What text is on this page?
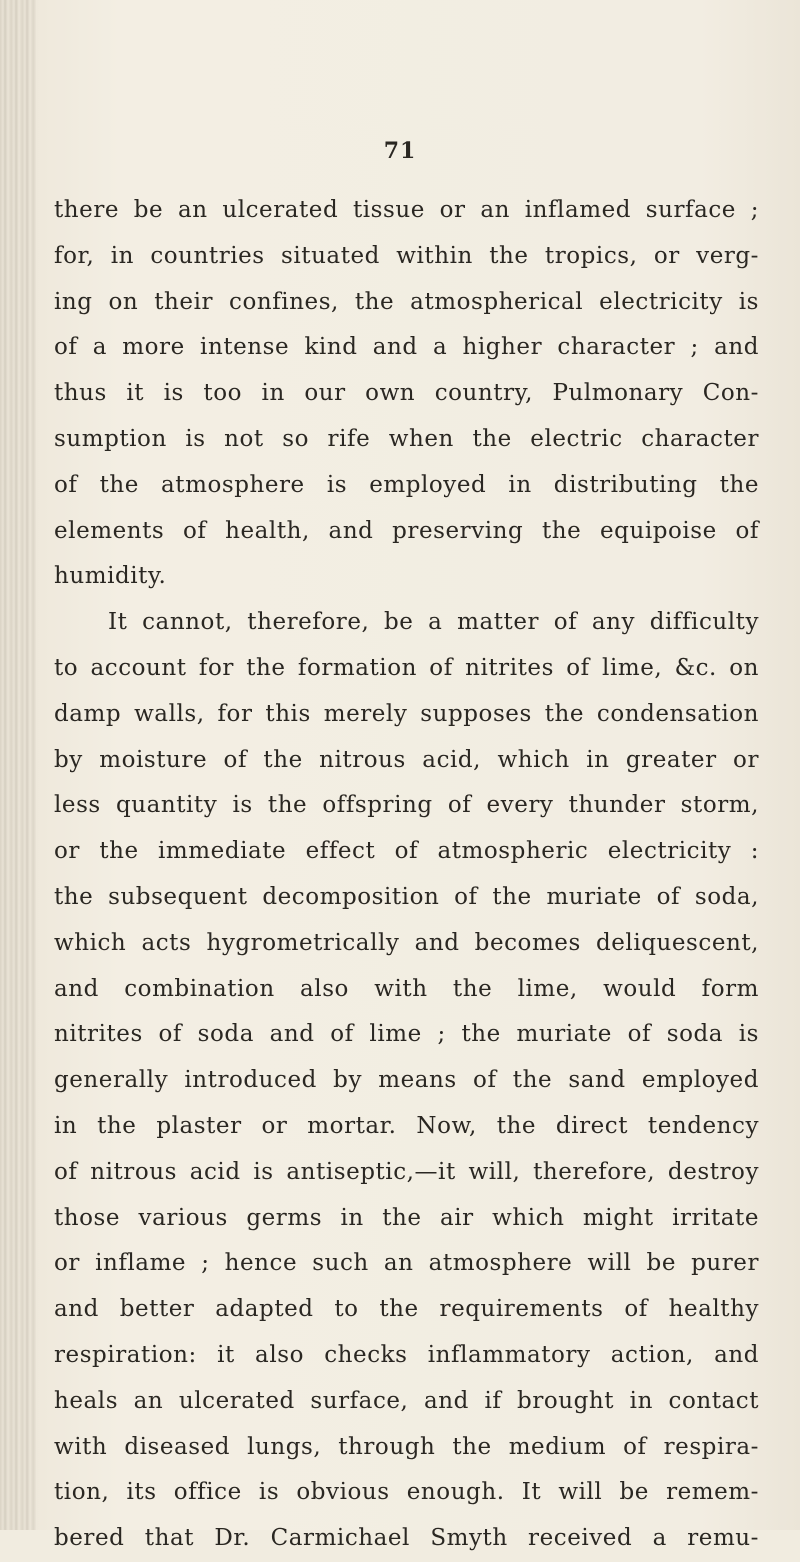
71
there be an ulcerated tissue or an inflamed surface ;
for, in countries situated within the tropics, or verg-
ing on their confines, the atmospherical electricity is
of a more intense kind and a higher character ; and
thus it is too in our own country, Pulmonary Con-
sumption is not so rife when the electric character
of the atmosphere is employed in distributing the
elements of health, and preserving the equipoise of
humidity.
It cannot, therefore, be a matter of any difficulty
to account for the formation of nitrites of lime, &c. on
damp walls, for this merely supposes the condensation
by moisture of the nitrous acid, which in greater or
less quantity is the offspring of every thunder storm,
or the immediate effect of atmospheric electricity :
the subsequent decomposition of the muriate of soda,
which acts hygrometrically and becomes deliquescent,
and combination also with the lime, would form
nitrites of soda and of lime ; the muriate of soda is
generally introduced by means of the sand employed
in the plaster or mortar. Now, the direct tendency
of nitrous acid is antiseptic,—it will, therefore, destroy
those various germs in the air which might irritate
or inflame ; hence such an atmosphere will be purer
and better adapted to the requirements of healthy
respiration: it also checks inflammatory action, and
heals an ulcerated surface, and if brought in contact
with diseased lungs, through the medium of respira-
tion, its office is obvious enough. It will be remem-
bered that Dr. Carmichael Smyth received a remu-
